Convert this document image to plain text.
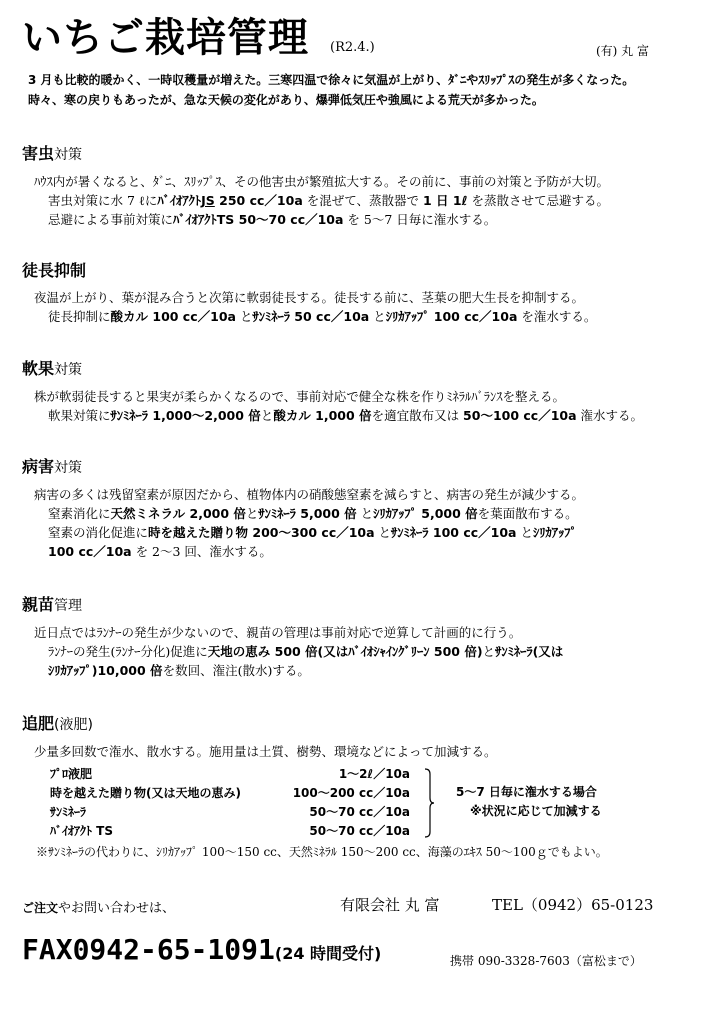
いちご栽培管理 (R2.4.)	(有) 丸 富
3 月も比較的暖かく、一時収穫量が増えた。三寒四温で徐々に気温が上がり、ﾀﾞﾆやｽﾘｯﾌﾟｽの発生が多くなった。
時々、寒の戻りもあったが、急な天候の変化があり、爆弾低気圧や強風による荒天が多かった。
害虫対策
ﾊｳｽ内が暑くなると、ﾀﾞﾆ、ｽﾘｯﾌﾟｽ、その他害虫が繁殖拡大する。その前に、事前の対策と予防が大切。
害虫対策に水 7 ℓにﾊﾞｲｵｱｸﾄJS 250 cc／10a を混ぜて、蒸散器で 1 日 1ℓ を蒸散させて忌避する。
忌避による事前対策にﾊﾞｲｵｱｸﾄTS 50～70 cc／10a を 5～7 日毎に潅水する。
徒長抑制
夜温が上がり、葉が混み合うと次第に軟弱徒長する。徒長する前に、茎葉の肥大生長を抑制する。
徒長抑制に酸カル 100 cc／10a とｻﾝﾐﾈｰﾗ 50 cc／10a とｼﾘｶｱｯﾌﾟ 100 cc／10a を潅水する。
軟果対策
株が軟弱徒長すると果実が柔らかくなるので、事前対応で健全な株を作りﾐﾈﾗﾙﾊﾞﾗﾝｽを整える。
軟果対策にｻﾝﾐﾈｰﾗ 1,000～2,000 倍と酸カル 1,000 倍を適宜散布又は 50～100 cc／10a 潅水する。
病害対策
病害の多くは残留窒素が原因だから、植物体内の硝酸態窒素を減らすと、病害の発生が減少する。
窒素消化に天然ミネラル 2,000 倍とｻﾝﾐﾈｰﾗ 5,000 倍 とｼﾘｶｱｯﾌﾟ 5,000 倍を葉面散布する。
窒素の消化促進に時を越えた贈り物 200～300 cc／10a とｻﾝﾐﾈｰﾗ 100 cc／10a とｼﾘｶｱｯﾌﾟ
100 cc／10a を 2～3 回、潅水する。
親苗管理
近日点ではﾗﾝﾅｰの発生が少ないので、親苗の管理は事前対応で逆算して計画的に行う。
ﾗﾝﾅｰの発生(ﾗﾝﾅｰ分化)促進に天地の恵み 500 倍(又はﾊﾞｲｵｼｬｲﾝｸﾞﾘｰﾝ 500 倍)とｻﾝﾐﾈｰﾗ(又は
ｼﾘｶｱｯﾌﾟ)10,000 倍を数回、潅注(散水)する。
追肥(液肥)
少量多回数で潅水、散水する。施用量は土質、樹勢、環境などによって加減する。
ﾌﾟﾛ液肥	1～2ℓ／10a
時を越えた贈り物(又は天地の恵み)	100～200 cc／10a
ｻﾝﾐﾈｰﾗ	50～70 cc／10a
ﾊﾞｲｵｱｸﾄ TS	50～70 cc／10a
5～7 日毎に潅水する場合
※状況に応じて加減する
※ｻﾝﾐﾈｰﾗの代わりに、ｼﾘｶｱｯﾌﾟ 100～150 cc、天然ﾐﾈﾗﾙ 150～200 cc、海藻のｴｷｽ 50～100ｇでもよい。
ご注文やお問い合わせは、	有限会社 丸 富	TEL（0942）65-0123
FAX0942-65-1091(24 時間受付)	携帯 090-3328-7603（富松まで）
